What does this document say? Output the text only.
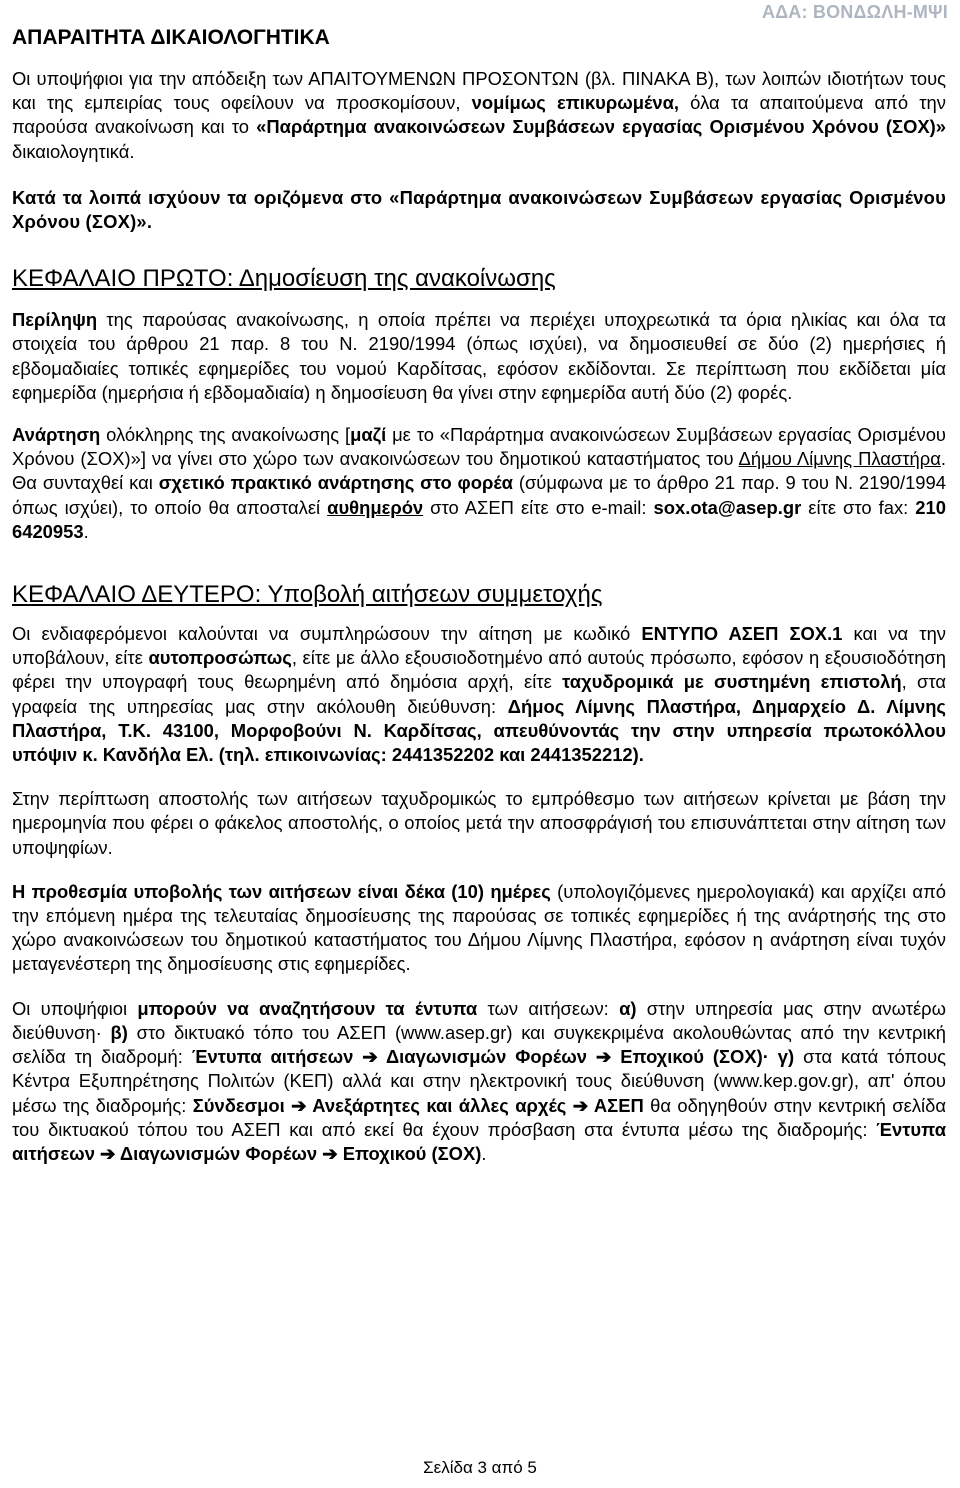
ΑΔΑ: ΒΟΝΔΩΛΗ-ΜΨΙ
ΑΠΑΡΑΙΤΗΤΑ ΔΙΚΑΙΟΛΟΓΗΤΙΚΑ

Οι υποψήφιοι για την απόδειξη των ΑΠΑΙΤΟΥΜΕΝΩΝ ΠΡΟΣΟΝΤΩΝ (βλ. ΠΙΝΑΚΑ Β), των λοιπών ιδιοτήτων τους και της εμπειρίας τους οφείλουν να προσκομίσουν, νομίμως επικυρωμένα, όλα τα απαιτούμενα από την παρούσα ανακοίνωση και το «Παράρτημα ανακοινώσεων Συμβάσεων εργασίας Ορισμένου Χρόνου (ΣΟΧ)» δικαιολογητικά.

Κατά τα λοιπά ισχύουν τα οριζόμενα στο «Παράρτημα ανακοινώσεων Συμβάσεων εργασίας Ορισμένου Χρόνου (ΣΟΧ)».

ΚΕΦΑΛΑΙΟ ΠΡΩΤΟ: Δημοσίευση της ανακοίνωσης

Περίληψη της παρούσας ανακοίνωσης, η οποία πρέπει να περιέχει υποχρεωτικά τα όρια ηλικίας και όλα τα στοιχεία του άρθρου 21 παρ. 8 του Ν. 2190/1994 (όπως ισχύει), να δημοσιευθεί σε δύο (2) ημερήσιες ή εβδομαδιαίες τοπικές εφημερίδες του νομού Καρδίτσας, εφόσον εκδίδονται. Σε περίπτωση που εκδίδεται μία εφημερίδα (ημερήσια ή εβδομαδιαία) η δημοσίευση θα γίνει στην εφημερίδα αυτή δύο (2) φορές.

Ανάρτηση ολόκληρης της ανακοίνωσης [μαζί με το «Παράρτημα ανακοινώσεων Συμβάσεων εργασίας Ορισμένου Χρόνου (ΣΟΧ)»] να γίνει στο χώρο των ανακοινώσεων του δημοτικού καταστήματος του Δήμου Λίμνης Πλαστήρα. Θα συνταχθεί και σχετικό πρακτικό ανάρτησης στο φορέα (σύμφωνα με το άρθρο 21 παρ. 9 του Ν. 2190/1994 όπως ισχύει), το οποίο θα αποσταλεί αυθημερόν στο ΑΣΕΠ είτε στο e-mail: sox.ota@asep.gr είτε στο fax: 210 6420953.

ΚΕΦΑΛΑΙΟ ΔΕΥΤΕΡΟ: Υποβολή αιτήσεων συμμετοχής

Οι ενδιαφερόμενοι καλούνται να συμπληρώσουν την αίτηση με κωδικό ΕΝΤΥΠΟ ΑΣΕΠ ΣΟΧ.1 και να την υποβάλουν, είτε αυτοπροσώπως, είτε με άλλο εξουσιοδοτημένο από αυτούς πρόσωπο, εφόσον η εξουσιοδότηση φέρει την υπογραφή τους θεωρημένη από δημόσια αρχή, είτε ταχυδρομικά με συστημένη επιστολή, στα γραφεία της υπηρεσίας μας στην ακόλουθη διεύθυνση: Δήμος Λίμνης Πλαστήρα, Δημαρχείο Δ. Λίμνης Πλαστήρα, Τ.Κ. 43100, Μορφοβούνι Ν. Καρδίτσας, απευθύνοντάς την στην υπηρεσία πρωτοκόλλου υπόψιν κ. Κανδήλα Ελ. (τηλ. επικοινωνίας: 2441352202 και 2441352212).

Στην περίπτωση αποστολής των αιτήσεων ταχυδρομικώς το εμπρόθεσμο των αιτήσεων κρίνεται με βάση την ημερομηνία που φέρει ο φάκελος αποστολής, ο οποίος μετά την αποσφράγισή του επισυνάπτεται στην αίτηση των υποψηφίων.

Η προθεσμία υποβολής των αιτήσεων είναι δέκα (10) ημέρες (υπολογιζόμενες ημερολογιακά) και αρχίζει από την επόμενη ημέρα της τελευταίας δημοσίευσης της παρούσας σε τοπικές εφημερίδες ή της ανάρτησής της στο χώρο ανακοινώσεων του δημοτικού καταστήματος του Δήμου Λίμνης Πλαστήρα, εφόσον η ανάρτηση είναι τυχόν μεταγενέστερη της δημοσίευσης στις εφημερίδες.

Οι υποψήφιοι μπορούν να αναζητήσουν τα έντυπα των αιτήσεων: α) στην υπηρεσία μας στην ανωτέρω διεύθυνση· β) στο δικτυακό τόπο του ΑΣΕΠ (www.asep.gr) και συγκεκριμένα ακολουθώντας από την κεντρική σελίδα τη διαδρομή: Έντυπα αιτήσεων ➔ Διαγωνισμών Φορέων ➔ Εποχικού (ΣΟΧ)· γ) στα κατά τόπους Κέντρα Εξυπηρέτησης Πολιτών (ΚΕΠ) αλλά και στην ηλεκτρονική τους διεύθυνση (www.kep.gov.gr), απ' όπου μέσω της διαδρομής: Σύνδεσμοι ➔ Ανεξάρτητες και άλλες αρχές ➔ ΑΣΕΠ θα οδηγηθούν στην κεντρική σελίδα του δικτυακού τόπου του ΑΣΕΠ και από εκεί θα έχουν πρόσβαση στα έντυπα μέσω της διαδρομής: Έντυπα αιτήσεων ➔ Διαγωνισμών Φορέων ➔ Εποχικού (ΣΟΧ).

Σελίδα 3 από 5
